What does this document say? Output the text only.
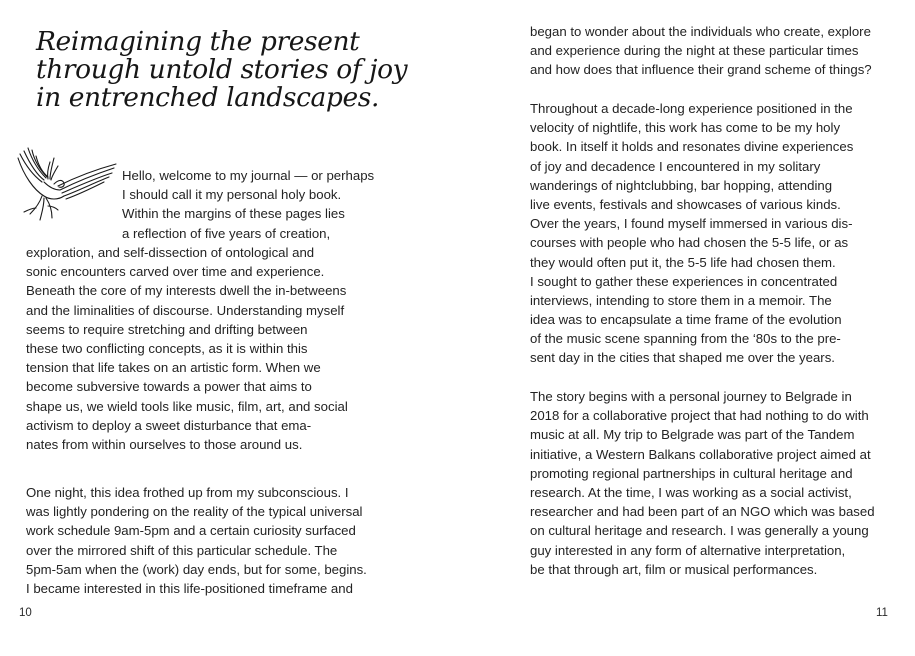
Reimagining the present
through untold stories of joy
in entrenched landscapes.
Hello, welcome to my journal — or perhaps
I should call it my personal holy book.
Within the margins of these pages lies
a reflection of five years of creation,
exploration, and self-dissection of ontological and
sonic encounters carved over time and experience.
Beneath the core of my interests dwell the in-betweens
and the liminalities of discourse. Understanding myself
seems to require stretching and drifting between
these two conflicting concepts, as it is within this
tension that life takes on an artistic form. When we
become subversive towards a power that aims to
shape us, we wield tools like music, film, art, and social
activism to deploy a sweet disturbance that ema-
nates from within ourselves to those around us.
One night, this idea frothed up from my subconscious. I
was lightly pondering on the reality of the typical universal
work schedule 9am-5pm and a certain curiosity surfaced
over the mirrored shift of this particular schedule. The
5pm-5am when the (work) day ends, but for some, begins.
I became interested in this life-positioned timeframe and
10
began to wonder about the individuals who create, explore
and experience during the night at these particular times
and how does that influence their grand scheme of things?
Throughout a decade-long experience positioned in the
velocity of nightlife, this work has come to be my holy
book. In itself it holds and resonates divine experiences
of joy and decadence I encountered in my solitary
wanderings of nightclubbing, bar hopping, attending
live events, festivals and showcases of various kinds.
Over the years, I found myself immersed in various dis-
courses with people who had chosen the 5-5 life, or as
they would often put it, the 5-5 life had chosen them.
I sought to gather these experiences in concentrated
interviews, intending to store them in a memoir. The
idea was to encapsulate a time frame of the evolution
of the music scene spanning from the ‘80s to the pre-
sent day in the cities that shaped me over the years.
The story begins with a personal journey to Belgrade in
2018 for a collaborative project that had nothing to do with
music at all. My trip to Belgrade was part of the Tandem
initiative, a Western Balkans collaborative project aimed at
promoting regional partnerships in cultural heritage and
research. At the time, I was working as a social activist,
researcher and had been part of an NGO which was based
on cultural heritage and research. I was generally a young
guy interested in any form of alternative interpretation,
be that through art, film or musical performances.
11
